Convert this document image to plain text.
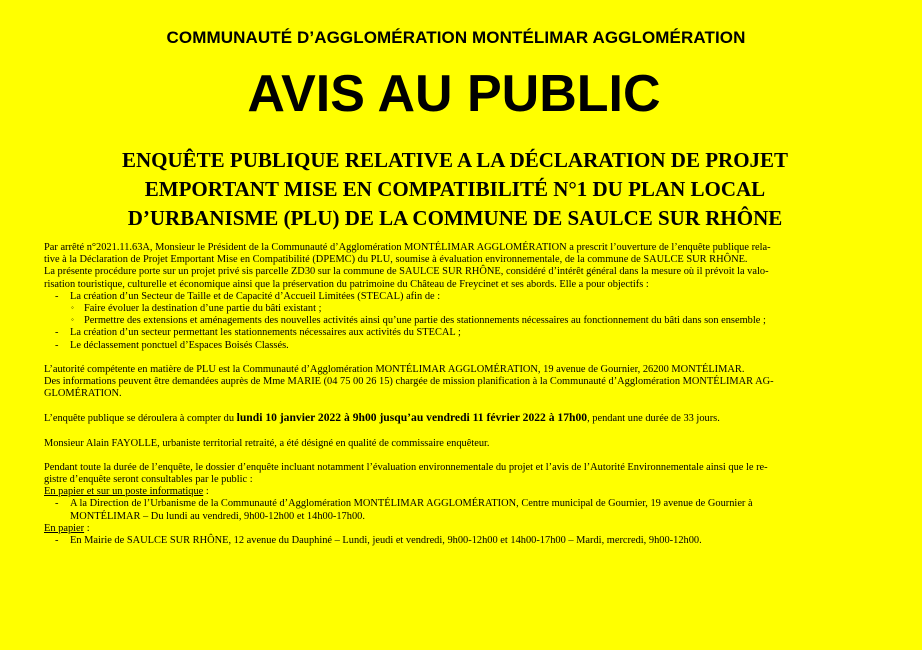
COMMUNAUTÉ D’AGGLOMÉRATION MONTÉLIMAR AGGLOMÉRATION
AVIS AU PUBLIC
ENQUÊTE PUBLIQUE RELATIVE A LA DÉCLARATION DE PROJET
EMPORTANT MISE EN COMPATIBILITÉ N°1 DU PLAN LOCAL
D’URBANISME (PLU) DE LA COMMUNE DE SAULCE SUR RHÔNE

Par arrêté n°2021.11.63A, Monsieur le Président de la Communauté d’Agglomération MONTÉLIMAR AGGLOMÉRATION a prescrit l’ouverture de l’enquête publique rela-

tive à la Déclaration de Projet Emportant Mise en Compatibilité (DPEMC) du PLU, soumise à évaluation environnementale, de la commune de SAULCE SUR RHÔNE.

La présente procédure porte sur un projet privé sis parcelle ZD30 sur la commune de SAULCE SUR RHÔNE, considéré d’intérêt général dans la mesure où il prévoit la valo-

risation touristique, culturelle et économique ainsi que la préservation du patrimoine du Château de Freycinet et ses abords. Elle a pour objectifs :

- La création d’un Secteur de Taille et de Capacité d’Accueil Limitées (STECAL) afin de :
◦ Faire évoluer la destination d’une partie du bâti existant ;
◦ Permettre des extensions et aménagements des nouvelles activités ainsi qu’une partie des stationnements nécessaires au fonctionnement du bâti dans son ensemble ;
- La création d’un secteur permettant les stationnements nécessaires aux activités du STECAL ;
- Le déclassement ponctuel d’Espaces Boisés Classés.

L’autorité compétente en matière de PLU est la Communauté d’Agglomération MONTÉLIMAR AGGLOMÉRATION, 19 avenue de Gournier, 26200 MONTÉLIMAR.

Des informations peuvent être demandées auprès de Mme MARIE (04 75 00 26 15) chargée de mission planification à la Communauté d’Agglomération MONTÉLIMAR AG-

GLOMÉRATION.

L’enquête publique se déroulera à compter du lundi 10 janvier 2022 à 9h00 jusqu’au vendredi 11 février 2022 à 17h00, pendant une durée de 33 jours.

Monsieur Alain FAYOLLE, urbaniste territorial retraité, a été désigné en qualité de commissaire enquêteur.

Pendant toute la durée de l’enquête, le dossier d’enquête incluant notamment l’évaluation environnementale du projet et l’avis de l’Autorité Environnementale ainsi que le re-

gistre d’enquête seront consultables par le public :

En papier et sur un poste informatique :

- A la Direction de l’Urbanisme de la Communauté d’Agglomération MONTÉLIMAR AGGLOMÉRATION, Centre municipal de Gournier, 19 avenue de Gournier à
MONTÉLIMAR – Du lundi au vendredi, 9h00-12h00 et 14h00-17h00.

En papier :

- En Mairie de SAULCE SUR RHÔNE, 12 avenue du Dauphiné – Lundi, jeudi et vendredi, 9h00-12h00 et 14h00-17h00 – Mardi, mercredi, 9h00-12h00.
